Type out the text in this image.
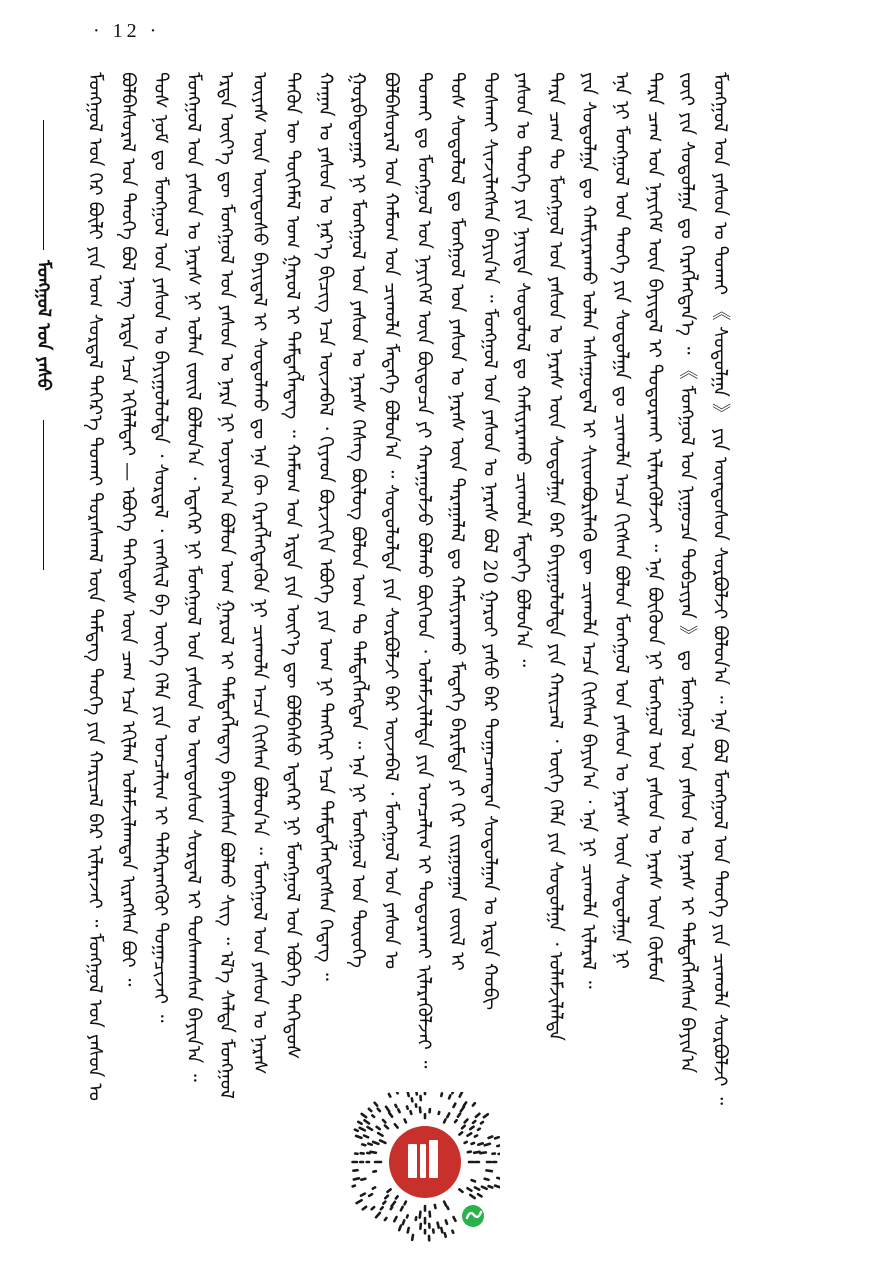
· 12 ·
ᠮᠣᠩᠭᠣᠯ ᠤᠨ ᠶᠠᠰᠤ	ᠮᠣᠩᠭᠣᠯ ᠤᠨ ᠭᠡᠷ ᠪᠦᠯᠢ ᠶᠢᠨ ᠤᠭ ᠰᠤᠷᠳᠠᠯ ᠳᠡᠭᠡᠷ᠎ᠡ ᠲᠤᠬᠠᠢ ᠳᠤᠷᠠᠰᠬᠠᠯ ᠦᠨ ᠲᠡᠮᠳᠡᠭ ᠲᠡᠦᠬᠡ ᠶᠢᠨ ᠬᠠᠷᠢᠴᠠᠯ ᠪᠠᠷ ᠢᠯᠡᠷᠡᠵᠡᠢ ᠃ ᠮᠣᠩᠭᠣᠯ ᠤᠨ ᠶᠠᠰᠤᠨ ᠤ ᠪᠣᠯᠪᠠᠰᠤᠷᠠᠯ ᠤᠨ ᠲᠡᠦᠬᠡ ᠪᠣᠯ ᠨᠡᠩ ᠡᠷᠲᠡ ᠡᠴᠡ ᠡᠬᠢᠯᠡᠯᠲᠡᠢ — ᠡᠪᠦᠭᠡ ᠳᠡᠭᠡᠳᠦᠰ ᠦᠨ ᠴᠠᠭ ᠡᠴᠡ ᠡᠬᠢᠯᠡᠨ ᠤᠯᠠᠮᠵᠢᠯᠠᠭᠳᠠᠨ ᠢᠷᠡᠭᠰᠡᠨ ᠪᠣᠢ ᠃ ᠲᠤᠰ ᠨᠣᠮ ᠳᠤ ᠮᠣᠩᠭᠣᠯ ᠤᠨ ᠶᠠᠰᠤᠨ ᠤ ᠪᠠᠶᠢᠭᠤᠯᠤᠯᠲᠠ ᠂ ᠰᠤᠷᠲᠠᠯ ᠂ ᠵᠠᠩᠰᠢᠯ ᠪᠠ ᠦᠭᠡ ᠬᠡᠯᠡ ᠶᠢᠨ ᠣᠨᠴᠠᠯᠢᠭ ᠢ ᠳᠡᠯᠭᠡᠷᠡᠩᠭᠦᠢ ᠲᠣᠭᠠᠴᠢᠵᠠᠢ ᠃ ᠮᠣᠩᠭᠣᠯ ᠤᠨ ᠶᠠᠰᠤᠨ ᠤ ᠨᠡᠷᠡᠰ ᠨᠢ ᠣᠯᠠᠨ ᠵᠦᠢᠯ ᠪᠣᠯᠤᠨ᠎ᠠ ᠂ ᠡᠳᠡᠭᠡᠷ ᠨᠢ ᠮᠣᠩᠭᠣᠯ ᠤᠨ ᠶᠠᠰᠤᠨ ᠤ ᠦᠨᠳᠦᠰᠦᠨ ᠰᠤᠷᠲᠠᠯ ᠢ ᠲᠤᠰᠬᠠᠭᠰᠠᠨ ᠪᠠᠶᠢᠨ᠎ᠠ ᠃ ᠡᠷᠲᠡ ᠦᠶ᠎ᠡ ᠳᠦ ᠮᠣᠩᠭᠣᠯ ᠤᠨ ᠶᠠᠰᠤᠨ ᠤ ᠨᠡᠷᠡ ᠨᠢ ᠣᠶᠣᠭ᠎ᠠ ᠪᠣᠯᠤᠨ ᠤᠭ ᠭᠠᠷᠤᠯ ᠢ ᠲᠡᠮᠳᠡᠭᠯᠡᠳᠡᠭ ᠪᠠᠶᠢᠭᠰᠠᠨ ᠪᠣᠯᠬᠤ ᠰᠢᠭ ᠃ ᠡᠯ᠎ᠡ ᠰᠡᠯᠲᠡ ᠮᠣᠩᠭᠣᠯ ᠦᠶᠡᠰ ᠦᠨ ᠦᠨᠳᠦᠰᠦ ᠪᠠᠶᠢᠳᠠᠯ ᠢ ᠰᠤᠳᠤᠯᠬᠤ ᠳᠤ ᠡᠨᠡ ᠬᠦ ᠬᠡᠷᠡᠭᠯᠡᠭᠳᠡᠬᠦᠨ ᠨᠢ ᠴᠢᠬᠤᠯᠠ ᠠᠴᠠ ᠬᠢᠭᠰᠡᠨ ᠪᠣᠯᠤᠨ᠎ᠠ ᠃ ᠮᠣᠩᠭᠣᠯ ᠤᠨ ᠶᠠᠰᠤᠨ ᠤ ᠨᠡᠷᠡᠰ ᠲᠡᠭᠦᠨ ᠦ ᠲᠦᠭᠡᠮᠡᠯ ᠤᠭ ᠭᠠᠷᠤᠯ ᠢ ᠲᠡᠮᠳᠡᠭᠯᠡᠳᠡᠭ ᠃ ᠬᠠᠮᠤᠭ ᠤᠨ ᠡᠷᠲᠡ ᠶᠢᠨ ᠦᠶ᠎ᠡ ᠳᠦ ᠪᠣᠯᠪᠠᠰᠤ ᠡᠳᠡᠭᠡᠷ ᠨᠢ ᠮᠣᠩᠭᠣᠯ ᠤᠨ ᠡᠪᠦᠭᠡ ᠳᠡᠭᠡᠳᠦᠰ ᠬᠠᠭᠠᠨ ᠤ ᠶᠠᠰᠤᠨ ᠤ ᠨᠡᠷ᠎ᠡ ᠪᠢᠴᠢᠭ ᠡᠴᠡ ᠦᠵᠡᠪᠡᠯ ᠂ ᠬᠢᠶᠠᠳ ᠪᠣᠷᠵᠢᠭᠢᠨ ᠡᠪᠦᠭᠡ ᠶᠢᠨ ᠤᠭ ᠨᠢ ᠲᠡᠩᠭᠡᠷᠢ ᠡᠴᠡ ᠲᠡᠮᠳᠡᠭᠯᠡᠭᠳᠡᠭᠰᠡᠨ ᠭᠡᠳᠡᠭ ᠃ ᠭᠤᠷᠪᠠᠳᠤᠭᠠᠷ ᠨᠢ ᠮᠣᠩᠭᠣᠯ ᠤᠨ ᠶᠠᠰᠤᠨ ᠤ ᠨᠡᠷᠡᠰ ᠬᠡᠰᠡᠭ ᠪᠦᠯᠦᠭ ᠪᠣᠯᠤᠨ ᠤᠭ ᠲᠤ ᠲᠡᠮᠳᠡᠭᠯᠡᠭᠳᠡᠨ ᠃ ᠡᠨᠡ ᠨᠢ ᠮᠣᠩᠭᠣᠯ ᠤᠨ ᠲᠦᠦᠬᠡ ᠪᠣᠯᠪᠠᠰᠤᠷᠠᠯ ᠤᠨ ᠬᠠᠮᠤᠭ ᠤᠨ ᠴᠢᠬᠤᠯᠠ ᠮᠡᠳᠡᠭᠡ ᠪᠣᠯᠤᠨ᠎ᠠ ᠃ ᠰᠤᠳᠤᠯᠤᠯᠲᠠ ᠶᠢᠨ ᠰᠤᠷᠪᠤᠯᠵᠢ ᠪᠠᠷ ᠦᠵᠡᠪᠡᠯ ᠂ ᠮᠣᠩᠭᠣᠯ ᠤᠨ ᠶᠠᠰᠤᠨ ᠤ ᠲᠤᠬᠠᠢ ᠳᠤ ᠮᠣᠩᠭᠣᠯ ᠤᠨ ᠨᠡᠶᠢᠭᠡᠮ ᠦᠨ ᠪᠦᠲᠦᠴᠡ ᠶᠢ ᠬᠠᠷᠠᠭᠤᠯᠵᠤ ᠪᠣᠯᠬᠤ ᠪᠥᠭᠡᠳ ᠂ ᠤᠯᠠᠮᠵᠢᠯᠠᠯᠲᠠ ᠶᠢᠨ ᠣᠨᠴᠠᠯᠢᠭ ᠢ ᠲᠣᠳᠣᠷᠬᠠᠢ ᠢᠯᠡᠷᠡᠭᠦᠯᠵᠡᠢ ᠃ ᠲᠤᠰ ᠰᠤᠳᠤᠯᠤᠯ ᠳᠤ ᠮᠣᠩᠭᠣᠯ ᠤᠨ ᠶᠠᠰᠤᠨ ᠤ ᠨᠡᠷᠡᠰ ᠦᠨ ᠳᠠᠷᠠᠭᠠᠯᠠᠯ ᠳᠤ ᠬᠠᠮᠢᠶᠠᠷᠠᠬᠤ ᠮᠡᠳᠡᠭᠡ ᠪᠠᠷᠢᠮᠲᠠ ᠶᠢ ᠬᠢᠷ ᠵᠢᠷᠭᠤᠭᠠᠨ ᠵᠦᠢᠯ ᠢ ᠲᠤᠰᠬᠠᠢ ᠰᠢᠨᠵᠢᠯᠡᠭᠰᠡᠨ ᠪᠠᠶᠢᠨ᠎ᠠ ᠃ ᠮᠣᠩᠭᠣᠯ ᠤᠨ ᠶᠠᠰᠤᠨ ᠤ ᠨᠡᠷᠡᠰ ᠪᠣᠯ 20 ᠭᠠᠷᠤᠢ ᠶᠠᠰᠤ ᠪᠠᠷ ᠲᠣᠭᠠᠴᠠᠭᠳᠠᠨ ᠰᠤᠳᠤᠯᠭᠠᠨ ᠤ ᠡᠷᠲᠡ ᠬᠤᠪᠢ ᠶᠠᠰᠤᠨ ᠤ ᠲᠡᠦᠬᠡ ᠶᠢᠨ ᠨᠡᠶᠢᠲᠡ ᠰᠤᠳᠤᠯᠤᠯ ᠳᠤ ᠬᠠᠮᠢᠶᠠᠷᠠᠬᠤ ᠴᠢᠬᠤᠯᠠ ᠮᠡᠳᠡᠭᠡ ᠪᠣᠯᠤᠨ᠎ᠠ ᠃ ᠲᠡᠷᠡ ᠴᠠᠭ ᠲᠤ ᠮᠣᠩᠭᠣᠯ ᠤᠨ ᠶᠠᠰᠤᠨ ᠤ ᠨᠡᠷᠡᠰ ᠦᠨ ᠰᠤᠳᠤᠯᠭᠠ ᠪᠠᠷ ᠪᠠᠶᠢᠭᠤᠯᠤᠯᠲᠠ ᠶᠢᠨ ᠬᠠᠷᠢᠴᠠᠯ ᠂ ᠦᠭᠡ ᠬᠡᠯᠡ ᠶᠢᠨ ᠰᠤᠳᠤᠯᠭᠠ ᠂ ᠤᠯᠠᠮᠵᠢᠯᠠᠯᠲᠠ ᠶᠢᠨ ᠰᠤᠳᠤᠯᠭᠠ ᠳᠤ ᠬᠠᠮᠢᠶᠠᠷᠠᠬᠤ ᠣᠯᠠᠨ ᠠᠰᠠᠭᠤᠳᠠᠯ ᠢ ᠰᠢᠢᠳᠪᠦᠷᠢᠯᠡᠬᠦ ᠳᠦ ᠴᠢᠬᠤᠯᠠ ᠠᠴᠠ ᠬᠢᠭᠰᠡᠨ ᠪᠠᠶᠢᠨ᠎ᠠ ᠂ ᠡᠨᠡ ᠨᠢ ᠴᠢᠬᠤᠯᠠ ᠢᠯᠡᠷᠡᠯ ᠃ ᠡᠨᠡ ᠨᠢ ᠮᠣᠩᠭᠣᠯ ᠤᠨ ᠲᠡᠦᠬᠡ ᠶᠢᠨ ᠰᠤᠳᠤᠯᠭᠠ ᠳᠤ ᠴᠢᠬᠤᠯᠠ ᠠᠴᠠ ᠬᠢᠭᠰᠡᠨ ᠪᠣᠯᠤᠨ ᠮᠣᠩᠭᠣᠯ ᠤᠨ ᠶᠠᠰᠤᠨ ᠤ ᠨᠡᠷᠡᠰ ᠦᠨ ᠰᠤᠳᠤᠯᠭᠠ ᠨᠢ ᠲᠡᠷᠡ ᠴᠠᠭ ᠤᠨ ᠨᠡᠶᠢᠭᠡᠮ ᠦᠨ ᠪᠠᠶᠢᠳᠠᠯ ᠢ ᠲᠣᠳᠣᠷᠬᠠᠢ ᠢᠯᠡᠷᠡᠭᠦᠯᠵᠡᠢ ᠃ ᠡᠨᠡ ᠪᠦᠭᠦᠳ ᠨᠢ ᠮᠣᠩᠭᠣᠯ ᠤᠨ ᠶᠠᠰᠤᠨ ᠤ ᠨᠡᠷᠡᠰ ᠦᠨ ᠬᠦᠮᠦᠨ ᠵᠦᠢ ᠶᠢᠨ ᠰᠤᠳᠤᠯᠭᠠ ᠳᠤ ᠬᠡᠷᠡᠭᠯᠡᠭᠳᠡᠨ᠎ᠡ ᠃ 《 ᠮᠣᠩᠭᠣᠯ ᠤᠨ ᠨᠢᠭᠤᠴᠠ ᠲᠣᠪᠴᠢᠶᠠᠨ 》 ᠳᠤ ᠮᠣᠩᠭᠣᠯ ᠤᠨ ᠶᠠᠰᠤᠨ ᠤ ᠨᠡᠷᠡᠰ ᠢ ᠲᠡᠮᠳᠡᠭᠯᠡᠭᠰᠡᠨ ᠪᠠᠶᠢᠨ᠎ᠠ ᠮᠣᠩᠭᠣᠯ ᠤᠨ ᠶᠠᠰᠤᠨ ᠤ ᠲᠤᠬᠠᠢ 《 ᠰᠤᠳᠤᠯᠭᠠ 》 ᠶᠢᠨ ᠦᠨᠳᠦᠰᠦᠨ ᠰᠤᠷᠪᠤᠯᠵᠢ ᠪᠣᠯᠤᠨ᠎ᠠ ᠃ ᠡᠨᠡ ᠪᠣᠯ ᠮᠣᠩᠭᠣᠯ ᠤᠨ ᠲᠡᠦᠬᠡ ᠶᠢᠨ ᠴᠢᠬᠤᠯᠠ ᠰᠤᠷᠪᠤᠯᠵᠢ ᠃
